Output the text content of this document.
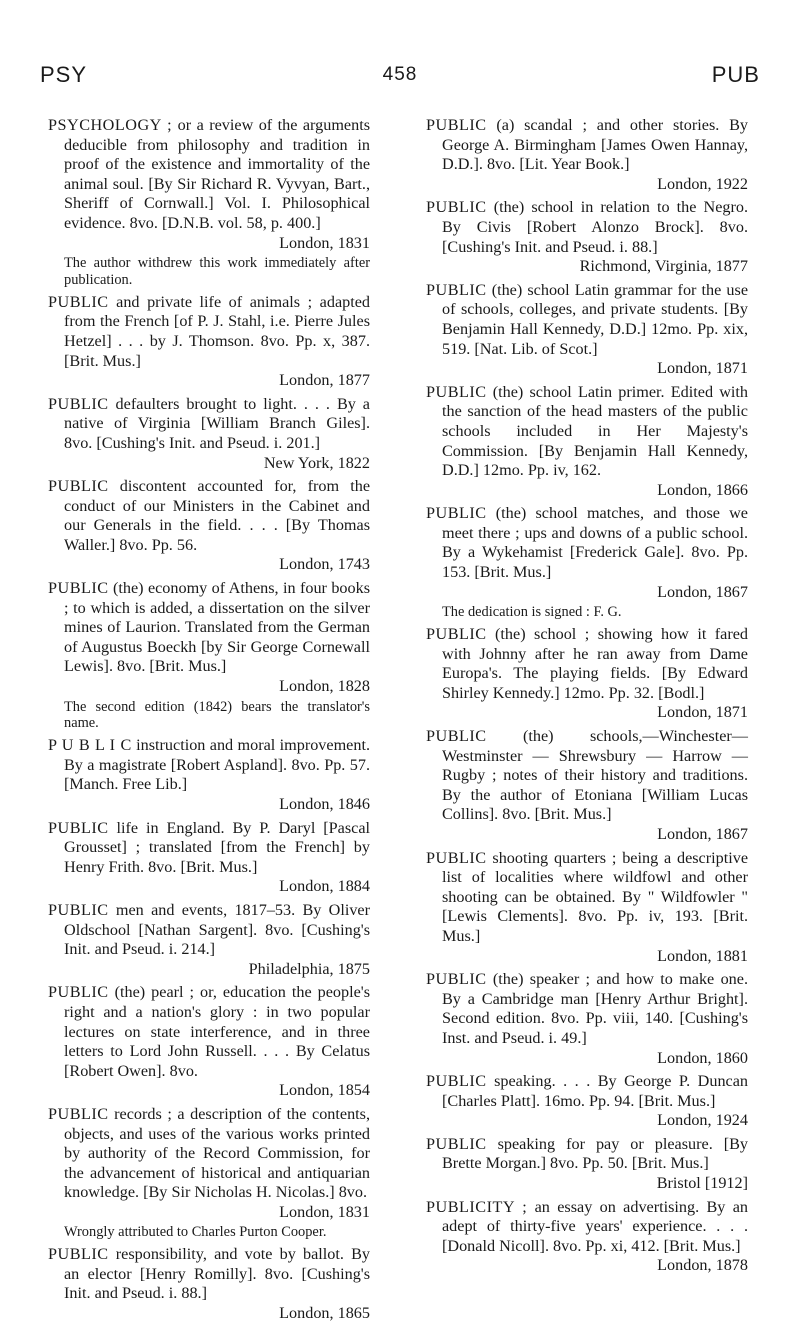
PSY	458	PUB

PSYCHOLOGY ; or a review of the arguments deducible from philosophy and tradition in proof of the existence and immortality of the animal soul. [By Sir Richard R. Vyvyan, Bart., Sheriff of Cornwall.] Vol. I. Philosophical evidence. 8vo. [D.N.B. vol. 58, p. 400.]
London, 1831

The author withdrew this work immediately after publication.

PUBLIC and private life of animals ; adapted from the French [of P. J. Stahl, i.e. Pierre Jules Hetzel] . . . by J. Thomson. 8vo. Pp. x, 387. [Brit. Mus.]
London, 1877

PUBLIC defaulters brought to light. . . . By a native of Virginia [William Branch Giles]. 8vo. [Cushing's Init. and Pseud. i. 201.]
New York, 1822

PUBLIC discontent accounted for, from the conduct of our Ministers in the Cabinet and our Generals in the field. . . . [By Thomas Waller.] 8vo. Pp. 56.
London, 1743

PUBLIC (the) economy of Athens, in four books ; to which is added, a dissertation on the silver mines of Laurion. Translated from the German of Augustus Boeckh [by Sir George Cornewall Lewis]. 8vo. [Brit. Mus.]
London, 1828

The second edition (1842) bears the translator's name.

P U B L I C instruction and moral improvement. By a magistrate [Robert Aspland]. 8vo. Pp. 57. [Manch. Free Lib.]
London, 1846

PUBLIC life in England. By P. Daryl [Pascal Grousset] ; translated [from the French] by Henry Frith. 8vo. [Brit. Mus.]
London, 1884

PUBLIC men and events, 1817–53. By Oliver Oldschool [Nathan Sargent]. 8vo. [Cushing's Init. and Pseud. i. 214.]
Philadelphia, 1875

PUBLIC (the) pearl ; or, education the people's right and a nation's glory : in two popular lectures on state interference, and in three letters to Lord John Russell. . . . By Celatus [Robert Owen]. 8vo.
London, 1854

PUBLIC records ; a description of the contents, objects, and uses of the various works printed by authority of the Record Commission, for the advancement of historical and antiquarian knowledge. [By Sir Nicholas H. Nicolas.] 8vo.
London, 1831

Wrongly attributed to Charles Purton Cooper.

PUBLIC responsibility, and vote by ballot. By an elector [Henry Romilly]. 8vo. [Cushing's Init. and Pseud. i. 88.]
London, 1865

PUBLIC (a) scandal ; and other stories. By George A. Birmingham [James Owen Hannay, D.D.]. 8vo. [Lit. Year Book.]
London, 1922

PUBLIC (the) school in relation to the Negro. By Civis [Robert Alonzo Brock]. 8vo. [Cushing's Init. and Pseud. i. 88.]
Richmond, Virginia, 1877

PUBLIC (the) school Latin grammar for the use of schools, colleges, and private students. [By Benjamin Hall Kennedy, D.D.] 12mo. Pp. xix, 519. [Nat. Lib. of Scot.]
London, 1871

PUBLIC (the) school Latin primer. Edited with the sanction of the head masters of the public schools included in Her Majesty's Commission. [By Benjamin Hall Kennedy, D.D.] 12mo. Pp. iv, 162.
London, 1866

PUBLIC (the) school matches, and those we meet there ; ups and downs of a public school. By a Wykehamist [Frederick Gale]. 8vo. Pp. 153. [Brit. Mus.]
London, 1867

The dedication is signed : F. G.

PUBLIC (the) school ; showing how it fared with Johnny after he ran away from Dame Europa's. The playing fields. [By Edward Shirley Kennedy.] 12mo. Pp. 32. [Bodl.]
London, 1871

PUBLIC (the) schools,—Winchester— Westminster — Shrewsbury — Harrow —Rugby ; notes of their history and traditions. By the author of Etoniana [William Lucas Collins]. 8vo. [Brit. Mus.]
London, 1867

PUBLIC shooting quarters ; being a descriptive list of localities where wildfowl and other shooting can be obtained. By " Wildfowler " [Lewis Clements]. 8vo. Pp. iv, 193. [Brit. Mus.]
London, 1881

PUBLIC (the) speaker ; and how to make one. By a Cambridge man [Henry Arthur Bright]. Second edition. 8vo. Pp. viii, 140. [Cushing's Inst. and Pseud. i. 49.]
London, 1860

PUBLIC speaking. . . . By George P. Duncan [Charles Platt]. 16mo. Pp. 94. [Brit. Mus.]
London, 1924

PUBLIC speaking for pay or pleasure. [By Brette Morgan.] 8vo. Pp. 50. [Brit. Mus.]
Bristol [1912]

PUBLICITY ; an essay on advertising. By an adept of thirty-five years' experience. . . . [Donald Nicoll]. 8vo. Pp. xi, 412. [Brit. Mus.]
London, 1878
